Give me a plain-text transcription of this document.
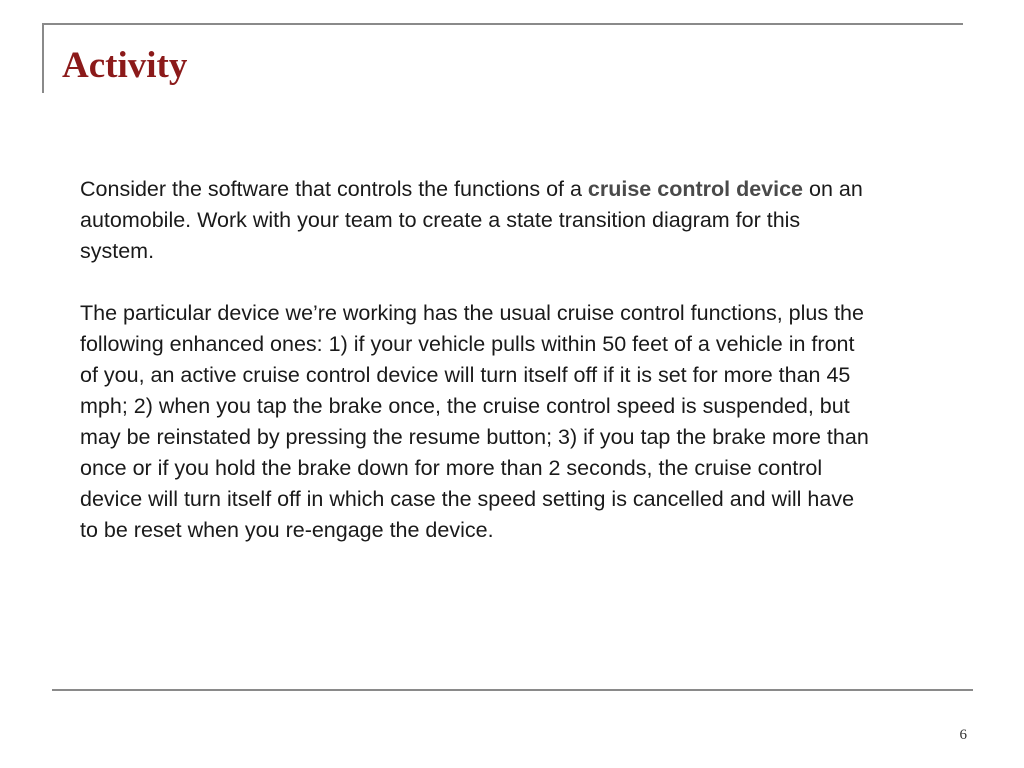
Activity

Consider the software that controls the functions of a cruise control device on an automobile. Work with your team to create a state transition diagram for this system.

The particular device we’re working has the usual cruise control functions, plus the following enhanced ones: 1) if your vehicle pulls within 50 feet of a vehicle in front of you, an active cruise control device will turn itself off if it is set for more than 45 mph; 2) when you tap the brake once, the cruise control speed is suspended, but may be reinstated by pressing the resume button; 3) if you tap the brake more than once or if you hold the brake down for more than 2 seconds, the cruise control device will turn itself off in which case the speed setting is cancelled and will have to be reset when you re-engage the device.

6
